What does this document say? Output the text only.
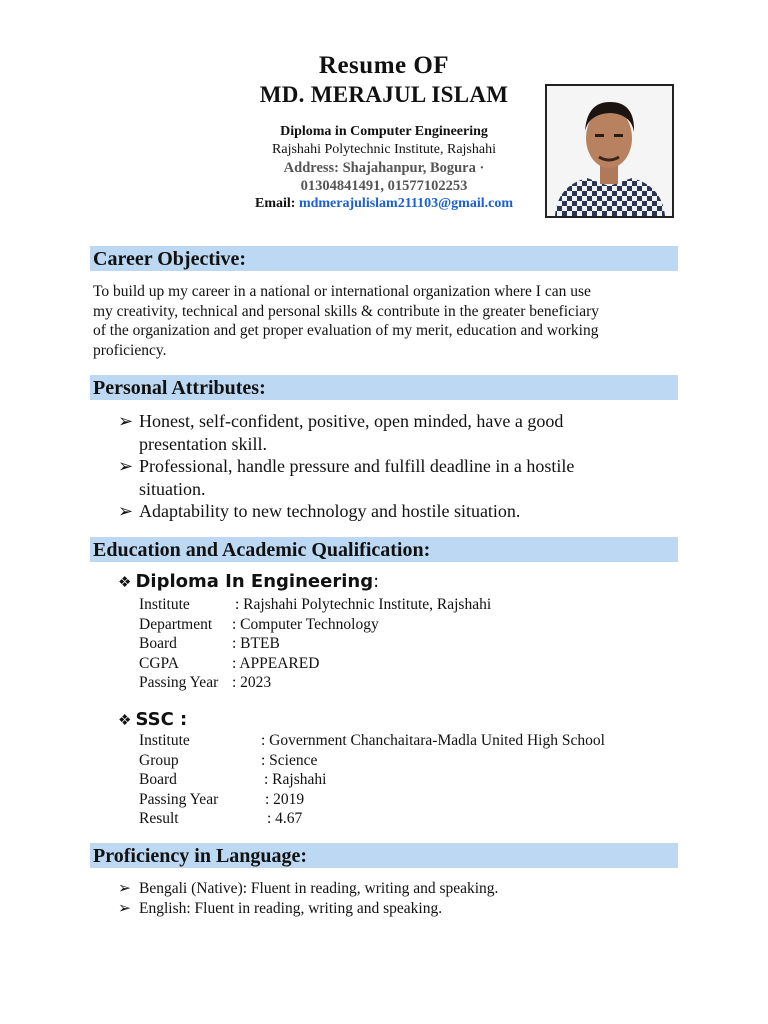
Resume OF
MD. MERAJUL ISLAM
Diploma in Computer Engineering
Rajshahi Polytechnic Institute, Rajshahi
Address: Shajahanpur, Bogura ·
01304841491, 01577102253
Email: mdmerajulislam211103@gmail.com
Career Objective:
To build up my career in a national or international organization where I can use
my creativity, technical and personal skills & contribute in the greater beneficiary
of the organization and get proper evaluation of my merit, education and working
proficiency.
Personal Attributes:
➢ Honest, self-confident, positive, open minded, have a good presentation skill.
➢ Professional, handle pressure and fulfill deadline in a hostile situation.
➢ Adaptability to new technology and hostile situation.
Education and Academic Qualification:
❖ Diploma In Engineering:
Institute	: Rajshahi Polytechnic Institute, Rajshahi
Department : Computer Technology
Board	: BTEB
CGPA	: APPEARED
Passing Year : 2023
❖ SSC :
Institute	: Government Chanchaitara-Madla United High School
Group	: Science
Board	: Rajshahi
Passing Year	: 2019
Result	: 4.67
Proficiency in Language:
➢ Bengali (Native): Fluent in reading, writing and speaking.
➢ English: Fluent in reading, writing and speaking.
